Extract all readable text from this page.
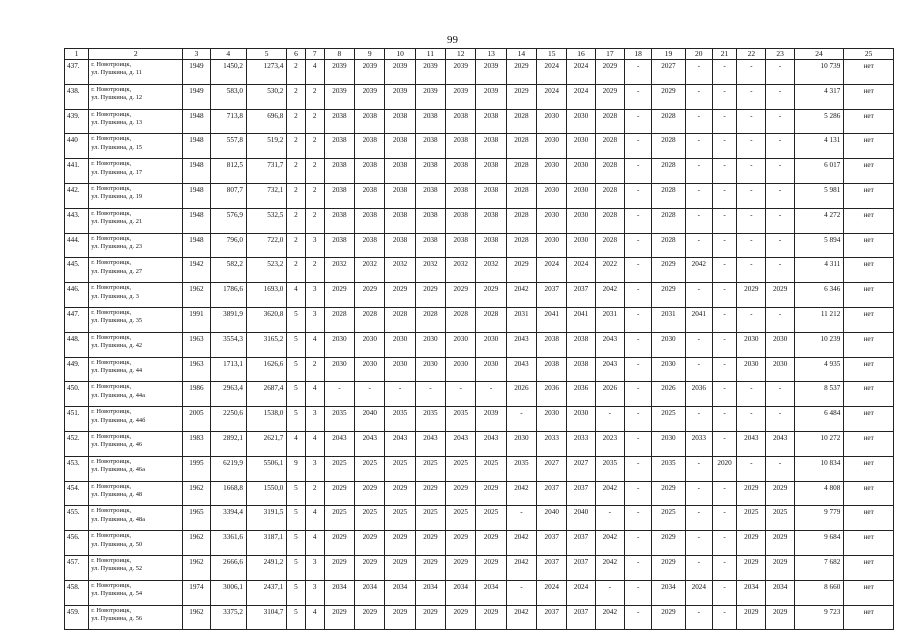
99
1	2	3	4	5	6	7	8	9	10	11	12	13	14	15	16	17	18	19	20	21	22	23	24	25
437.	г. Новотроицк,
ул. Пушкина, д. 11	1949	1450,2	1273,4	2	4	2039	2039	2039	2039	2039	2039	2029	2024	2024	2029	-	2027	-	-	-	-	10 739	нет
438.	г. Новотроицк,
ул. Пушкина, д. 12	1949	583,0	530,2	2	2	2039	2039	2039	2039	2039	2039	2029	2024	2024	2029	-	2029	-	-	-	-	4 317	нет
439.	г. Новотроицк,
ул. Пушкина, д. 13	1948	713,8	696,8	2	2	2038	2038	2038	2038	2038	2038	2028	2030	2030	2028	-	2028	-	-	-	-	5 286	нет
440	г. Новотроицк,
ул. Пушкина, д. 15	1948	557,8	519,2	2	2	2038	2038	2038	2038	2038	2038	2028	2030	2030	2028	-	2028	-	-	-	-	4 131	нет
441.	г. Новотроицк,
ул. Пушкина, д. 17	1948	812,5	731,7	2	2	2038	2038	2038	2038	2038	2038	2028	2030	2030	2028	-	2028	-	-	-	-	6 017	нет
442.	г. Новотроицк,
ул. Пушкина, д. 19	1948	807,7	732,1	2	2	2038	2038	2038	2038	2038	2038	2028	2030	2030	2028	-	2028	-	-	-	-	5 981	нет
443.	г. Новотроицк,
ул. Пушкина, д. 21	1948	576,9	532,5	2	2	2038	2038	2038	2038	2038	2038	2028	2030	2030	2028	-	2028	-	-	-	-	4 272	нет
444.	г. Новотроицк,
ул. Пушкина, д. 23	1948	796,0	722,0	2	3	2038	2038	2038	2038	2038	2038	2028	2030	2030	2028	-	2028	-	-	-	-	5 894	нет
445.	г. Новотроицк,
ул. Пушкина, д. 27	1942	582,2	523,2	2	2	2032	2032	2032	2032	2032	2032	2029	2024	2024	2022	-	2029	2042	-	-	-	4 311	нет
446.	г. Новотроицк,
ул. Пушкина, д. 3	1962	1786,6	1693,0	4	3	2029	2029	2029	2029	2029	2029	2042	2037	2037	2042	-	2029	-	-	2029	2029	6 346	нет
447.	г. Новотроицк,
ул. Пушкина, д. 35	1991	3891,9	3620,8	5	3	2028	2028	2028	2028	2028	2028	2031	2041	2041	2031	-	2031	2041	-	-	-	11 212	нет
448.	г. Новотроицк,
ул. Пушкина, д. 42	1963	3554,3	3165,2	5	4	2030	2030	2030	2030	2030	2030	2043	2038	2038	2043	-	2030	-	-	2030	2030	10 239	нет
449.	г. Новотроицк,
ул. Пушкина, д. 44	1963	1713,1	1626,6	5	2	2030	2030	2030	2030	2030	2030	2043	2038	2038	2043	-	2030	-	-	2030	2030	4 935	нет
450.	г. Новотроицк,
ул. Пушкина, д. 44а	1986	2963,4	2687,4	5	4	-	-	-	-	-	-	2026	2036	2036	2026	-	2026	2036	-	-	-	8 537	нет
451.	г. Новотроицк,
ул. Пушкина, д. 44б	2005	2250,6	1538,0	5	3	2035	2040	2035	2035	2035	2039	-	2030	2030	-	-	2025	-	-	-	-	6 484	нет
452.	г. Новотроицк,
ул. Пушкина, д. 46	1983	2892,1	2621,7	4	4	2043	2043	2043	2043	2043	2043	2030	2033	2033	2023	-	2030	2033	-	2043	2043	10 272	нет
453.	г. Новотроицк,
ул. Пушкина, д. 46а	1995	6219,9	5506,1	9	3	2025	2025	2025	2025	2025	2025	2035	2027	2027	2035	-	2035	-	2020	-	-	10 834	нет
454.	г. Новотроицк,
ул. Пушкина, д. 48	1962	1668,8	1550,0	5	2	2029	2029	2029	2029	2029	2029	2042	2037	2037	2042	-	2029	-	-	2029	2029	4 808	нет
455.	г. Новотроицк,
ул. Пушкина, д. 48а	1965	3394,4	3191,5	5	4	2025	2025	2025	2025	2025	2025	-	2040	2040	-	-	2025	-	-	2025	2025	9 779	нет
456.	г. Новотроицк,
ул. Пушкина, д. 50	1962	3361,6	3187,1	5	4	2029	2029	2029	2029	2029	2029	2042	2037	2037	2042	-	2029	-	-	2029	2029	9 684	нет
457.	г. Новотроицк,
ул. Пушкина, д. 52	1962	2666,6	2491,2	5	3	2029	2029	2029	2029	2029	2029	2042	2037	2037	2042	-	2029	-	-	2029	2029	7 682	нет
458.	г. Новотроицк,
ул. Пушкина, д. 54	1974	3006,1	2437,1	5	3	2034	2034	2034	2034	2034	2034	-	2024	2024	-	-	2034	2024	-	2034	2034	8 660	нет
459.	г. Новотроицк,
ул. Пушкина, д. 56	1962	3375,2	3104,7	5	4	2029	2029	2029	2029	2029	2029	2042	2037	2037	2042	-	2029	-	-	2029	2029	9 723	нет
